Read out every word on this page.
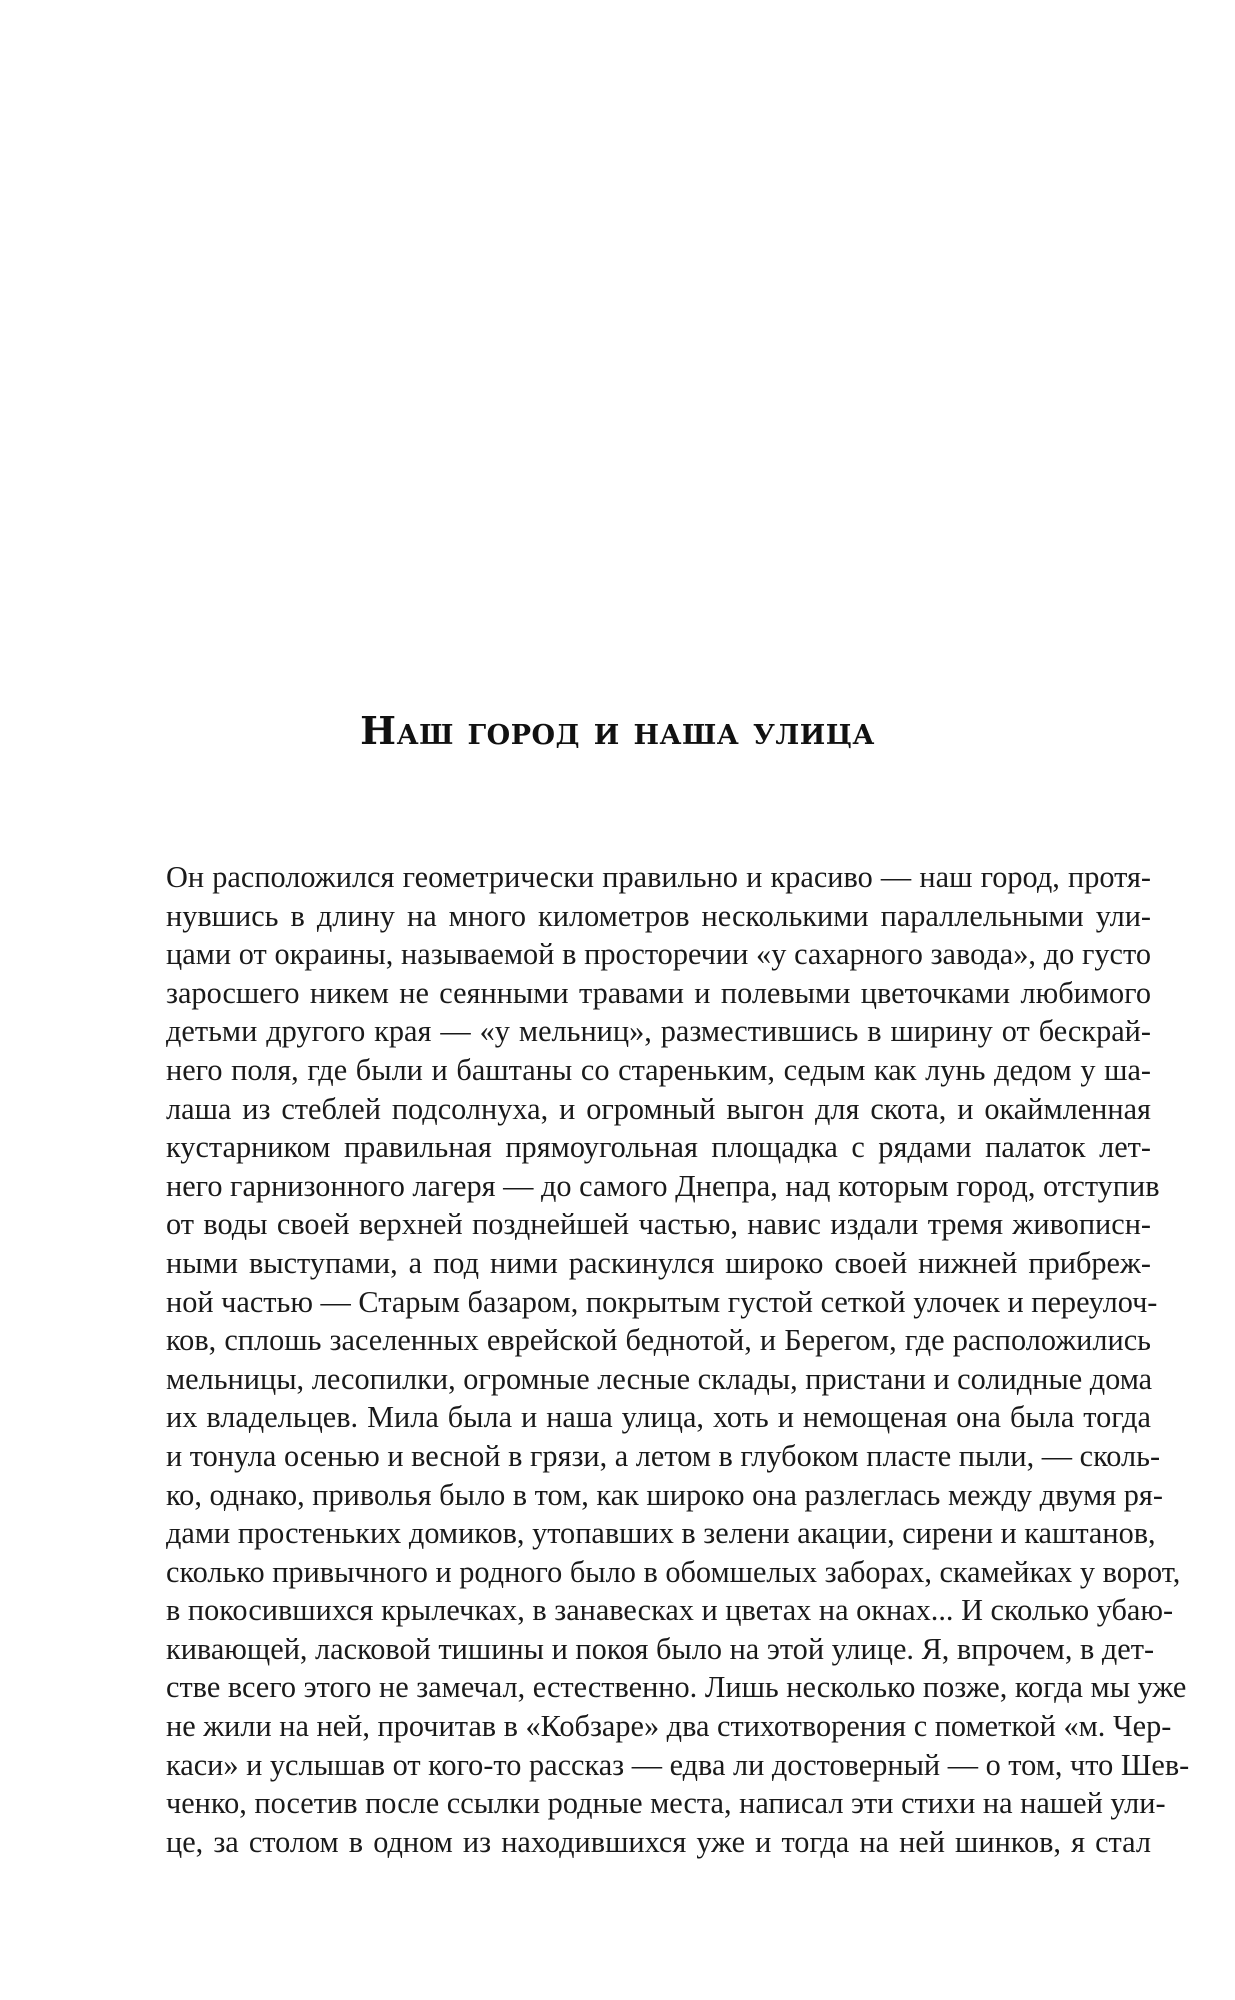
Наш город и наша улица
Он расположился геометрически правильно и красиво — наш город, протя-
нувшись в длину на много километров несколькими параллельными ули-
цами от окраины, называемой в просторечии «у сахарного завода», до густо
заросшего никем не сеянными травами и полевыми цветочками любимого
детьми другого края — «у мельниц», разместившись в ширину от бескрай-
него поля, где были и баштаны со стареньким, седым как лунь дедом у ша-
лаша из стеблей подсолнуха, и огромный выгон для скота, и окаймленная
кустарником правильная прямоугольная площадка с рядами палаток лет-
него гарнизонного лагеря — до самого Днепра, над которым город, отступив
от воды своей верхней позднейшей частью, навис издали тремя живописн-
ными выступами, а под ними раскинулся широко своей нижней прибреж-
ной частью — Старым базаром, покрытым густой сеткой улочек и переулоч-
ков, сплошь заселенных еврейской беднотой, и Берегом, где расположились
мельницы, лесопилки, огромные лесные склады, пристани и солидные дома
их владельцев. Мила была и наша улица, хоть и немощеная она была тогда
и тонула осенью и весной в грязи, а летом в глубоком пласте пыли, — сколь-
ко, однако, приволья было в том, как широко она разлеглась между двумя ря-
дами простеньких домиков, утопавших в зелени акации, сирени и каштанов,
сколько привычного и родного было в обомшелых заборах, скамейках у ворот,
в покосившихся крылечках, в занавесках и цветах на окнах... И сколько убаю-
кивающей, ласковой тишины и покоя было на этой улице. Я, впрочем, в дет-
стве всего этого не замечал, естественно. Лишь несколько позже, когда мы уже
не жили на ней, прочитав в «Кобзаре» два стихотворения с пометкой «м. Чер-
каси» и услышав от кого-то рассказ — едва ли достоверный — о том, что Шев-
ченко, посетив после ссылки родные места, написал эти стихи на нашей ули-
це, за столом в одном из находившихся уже и тогда на ней шинков, я стал
